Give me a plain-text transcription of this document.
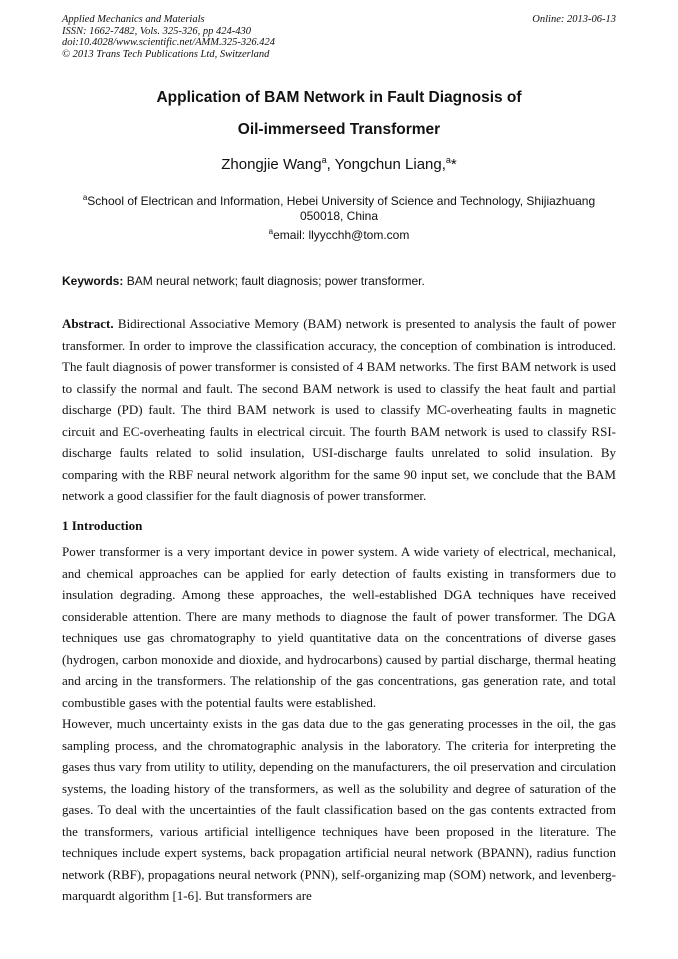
Applied Mechanics and Materials
ISSN: 1662-7482, Vols. 325-326, pp 424-430
doi:10.4028/www.scientific.net/AMM.325-326.424
© 2013 Trans Tech Publications Ltd, Switzerland
Online: 2013-06-13
Application of BAM Network in Fault Diagnosis of
Oil-immerseed Transformer
Zhongjie Wang$^a$, Yongchun Liang,$^a$*
$^a$School of Electrican and Information, Hebei University of Science and Technology, Shijiazhuang
050018, China
$^a$email: llyycchh@tom.com
Keywords: BAM neural network; fault diagnosis; power transformer.
Abstract. Bidirectional Associative Memory (BAM) network is presented to analysis the fault of power transformer. In order to improve the classification accuracy, the conception of combination is introduced. The fault diagnosis of power transformer is consisted of 4 BAM networks. The first BAM network is used to classify the normal and fault. The second BAM network is used to classify the heat fault and partial discharge (PD) fault. The third BAM network is used to classify MC-overheating faults in magnetic circuit and EC-overheating faults in electrical circuit. The fourth BAM network is used to classify RSI-discharge faults related to solid insulation, USI-discharge faults unrelated to solid insulation. By comparing with the RBF neural network algorithm for the same 90 input set, we conclude that the BAM network a good classifier for the fault diagnosis of power transformer.
1 Introduction

Power transformer is a very important device in power system. A wide variety of electrical, mechanical, and chemical approaches can be applied for early detection of faults existing in transformers due to insulation degrading. Among these approaches, the well-established DGA techniques have received considerable attention. There are many methods to diagnose the fault of power transformer. The DGA techniques use gas chromatography to yield quantitative data on the concentrations of diverse gases (hydrogen, carbon monoxide and dioxide, and hydrocarbons) caused by partial discharge, thermal heating and arcing in the transformers. The relationship of the gas concentrations, gas generation rate, and total combustible gases with the potential faults were established.

However, much uncertainty exists in the gas data due to the gas generating processes in the oil, the gas sampling process, and the chromatographic analysis in the laboratory. The criteria for interpreting the gases thus vary from utility to utility, depending on the manufacturers, the oil preservation and circulation systems, the loading history of the transformers, as well as the solubility and degree of saturation of the gases. To deal with the uncertainties of the fault classification based on the gas contents extracted from the transformers, various artificial intelligence techniques have been proposed in the literature. The techniques include expert systems, back propagation artificial neural network (BPANN), radius function network (RBF), propagations neural network (PNN), self-organizing map (SOM) network, and levenberg-marquardt algorithm [1-6]. But transformers are
